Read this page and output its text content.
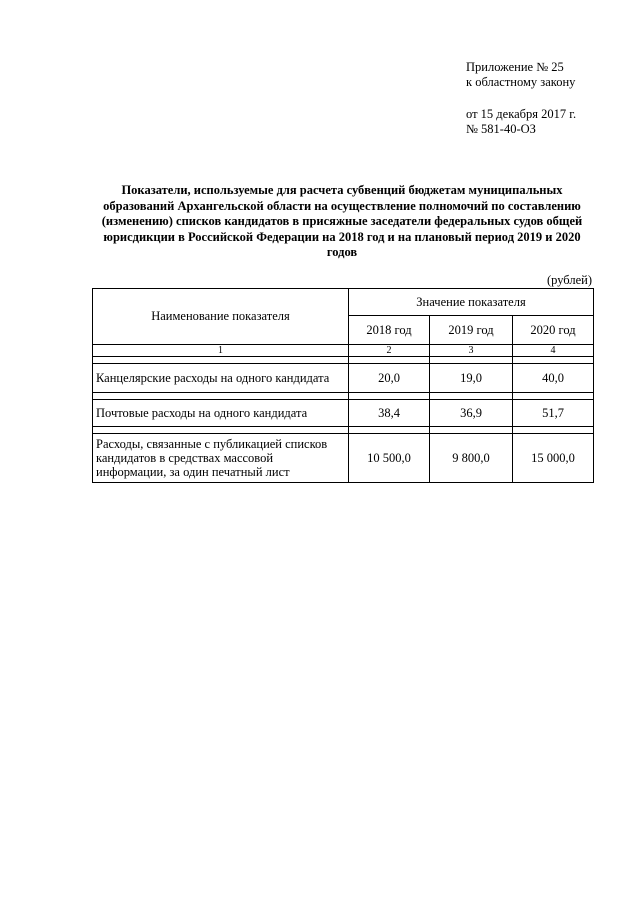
Приложение № 25
к областному закону
от 15 декабря 2017 г.
№ 581-40-ОЗ
Показатели, используемые для расчета субвенций бюджетам муниципальных образований Архангельской области на осуществление полномочий по составлению (изменению) списков кандидатов в присяжные заседатели федеральных судов общей юрисдикции в Российской Федерации на 2018 год и на плановый период 2019 и 2020 годов
(рублей)
Наименование показателя	Значение показателя		
	2018 год	2019 год	2020 год
1	2	3	4

Канцелярские расходы на одного кандидата	20,0	19,0	40,0

Почтовые расходы на одного кандидата	38,4	36,9	51,7

Расходы, связанные с публикацией списков кандидатов в средствах массовой информации, за один печатный лист	10 500,0	9 800,0	15 000,0
